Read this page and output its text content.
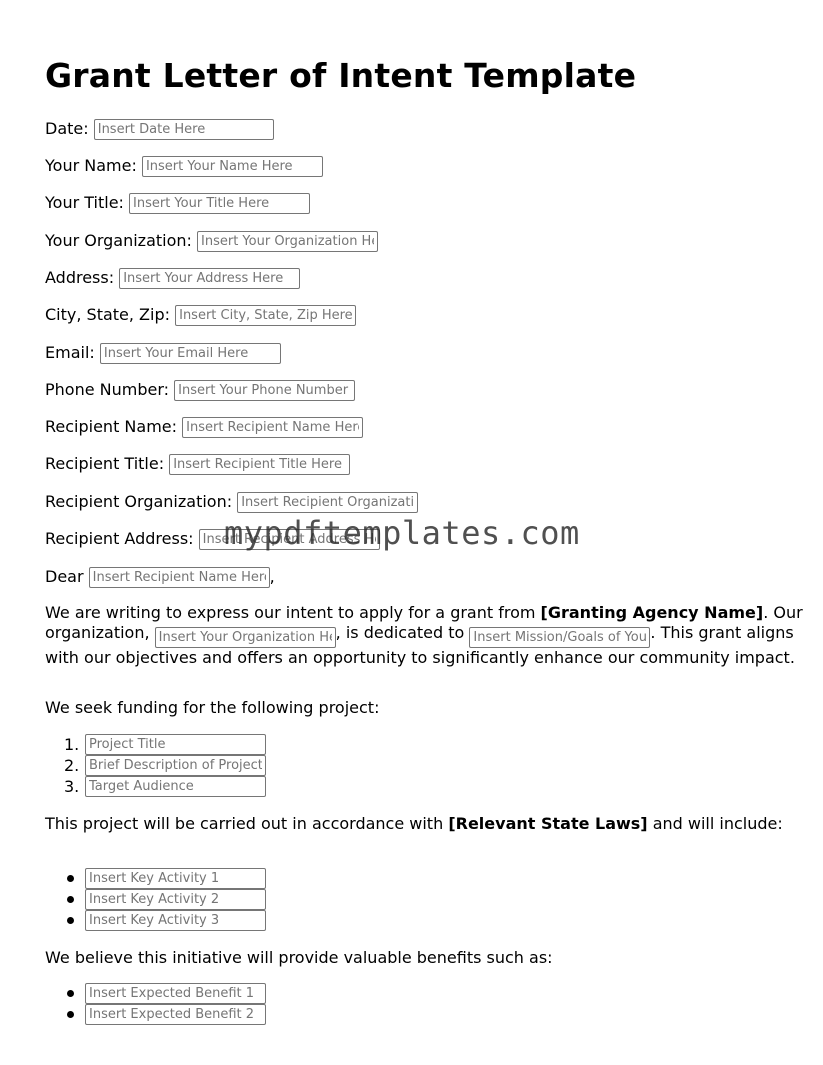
Grant Letter of Intent Template
Date: Insert Date Here
Your Name: Insert Your Name Here
Your Title: Insert Your Title Here
Your Organization: Insert Your Organization Here
Address: Insert Your Address Here
City, State, Zip: Insert City, State, Zip Here
Email: Insert Your Email Here
Phone Number: Insert Your Phone Number
Recipient Name: Insert Recipient Name Here
Recipient Title: Insert Recipient Title Here
Recipient Organization: Insert Recipient Organization
Recipient Address: Insert Recipient Address Here
Dear Insert Recipient Name Here	,
We are writing to express our intent to apply for a grant from [Granting Agency Name]. Our organization, Insert Your Organization Here	, is dedicated to Insert Mission/Goals of Your Organization	. This grant aligns with our objectives and offers an opportunity to significantly enhance our community impact.
We seek funding for the following project:
1.
Project Title
2.
Brief Description of Project
3.
Target Audience
This project will be carried out in accordance with [Relevant State Laws] and will include:
Insert Key Activity 1
Insert Key Activity 2
Insert Key Activity 3
We believe this initiative will provide valuable benefits such as:
Insert Expected Benefit 1
Insert Expected Benefit 2
mypdftemplates.com
